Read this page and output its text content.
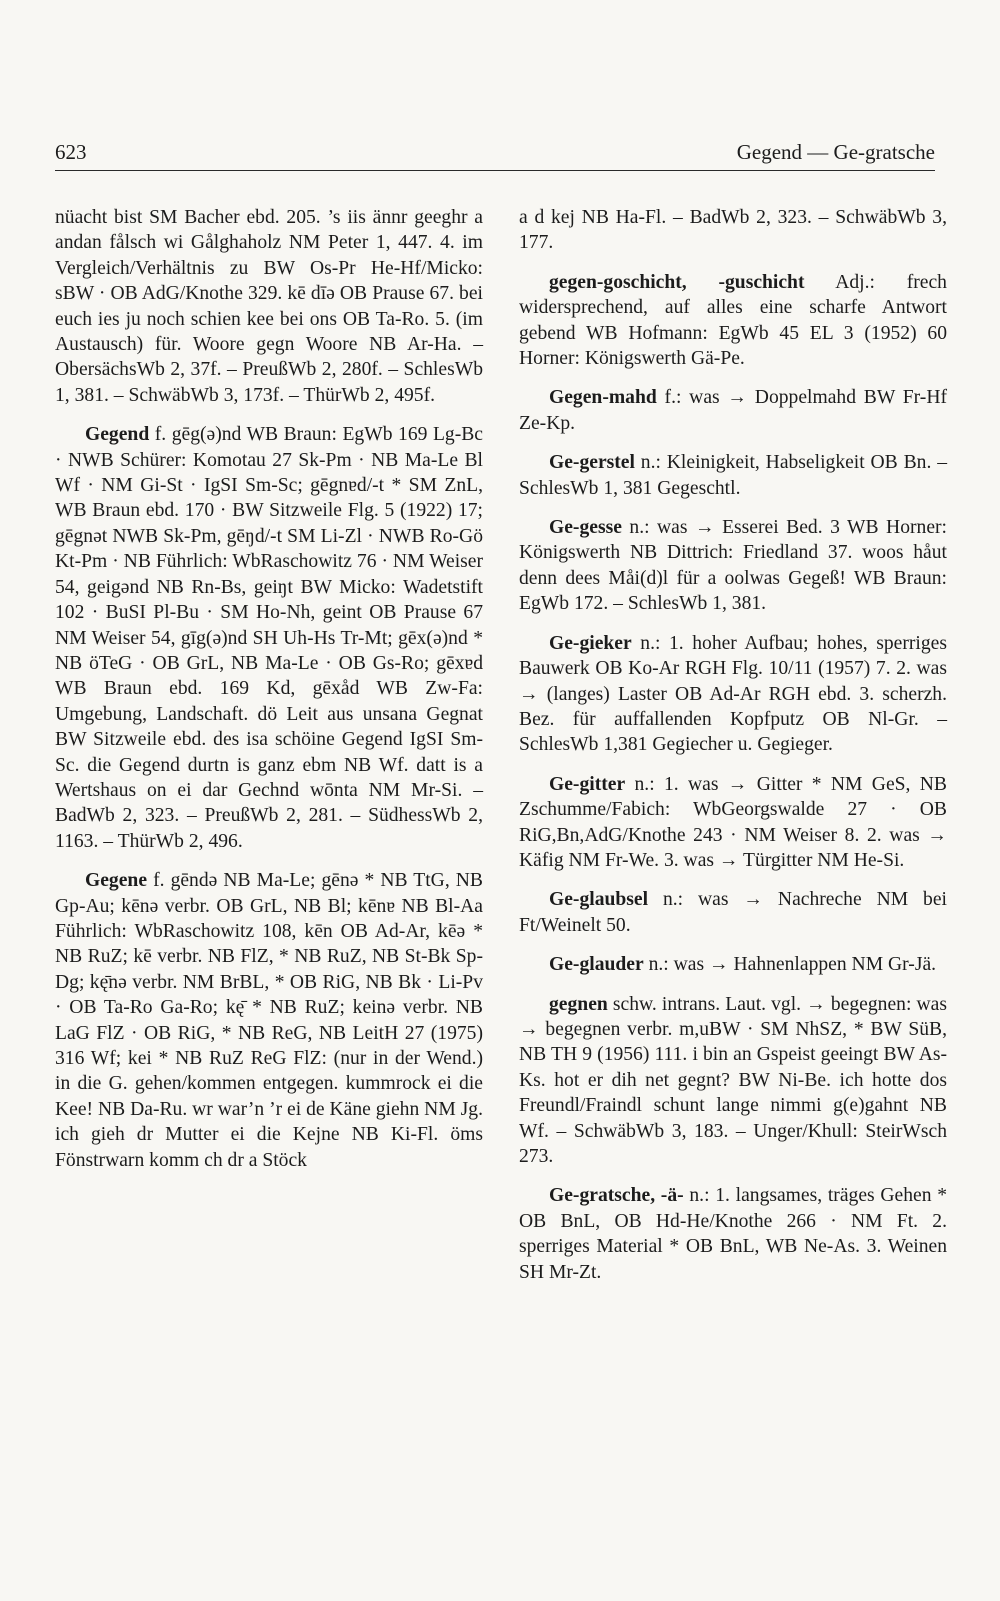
623	Gegend — Ge-gratsche

nüacht bist SM Bacher ebd. 205. ’s iis ännr geeghr a andan fålsch wi Gålghaholz NM Peter 1, 447. 4. im Vergleich/Verhältnis zu BW Os-Pr He-Hf/Micko: sBW · OB AdG/Knothe 329. kē dīə OB Prause 67. bei euch ies ju noch schien kee bei ons OB Ta-Ro. 5. (im Austausch) für. Woore gegn Woore NB Ar-Ha. – ObersächsWb 2, 37f. – PreußWb 2, 280f. – SchlesWb 1, 381. – SchwäbWb 3, 173f. – ThürWb 2, 495f.

Gegend f. gēg(ə)nd WB Braun: EgWb 169 Lg-Bc · NWB Schürer: Komotau 27 Sk-Pm · NB Ma-Le Bl Wf · NM Gi-St · IgSI Sm-Sc; gēgnɐd/-t * SM ZnL, WB Braun ebd. 170 · BW Sitzweile Flg. 5 (1922) 17; gēgnət NWB Sk-Pm, gēŋd/-t SM Li-Zl · NWB Ro-Gö Kt-Pm · NB Führlich: WbRaschowitz 76 · NM Weiser 54, geigənd NB Rn-Bs, geiŋt BW Micko: Wadetstift 102 · BuSI Pl-Bu · SM Ho-Nh, geint OB Prause 67 NM Weiser 54, gīg(ə)nd SH Uh-Hs Tr-Mt; gēx(ə)nd * NB öTeG · OB GrL, NB Ma-Le · OB Gs-Ro; gēxɐd WB Braun ebd. 169 Kd, gēxåd WB Zw-Fa: Umgebung, Landschaft. dö Leit aus unsana Gegnat BW Sitzweile ebd. des isa schöine Gegend IgSI Sm-Sc. die Gegend durtn is ganz ebm NB Wf. datt is a Wertshaus on ei dar Gechnd wōnta NM Mr-Si. – BadWb 2, 323. – PreußWb 2, 281. – SüdhessWb 2, 1163. – ThürWb 2, 496.

Gegene f. gēndə NB Ma-Le; gēnə * NB TtG, NB Gp-Au; kēnə verbr. OB GrL, NB Bl; kēnɐ NB Bl-Aa Führlich: WbRaschowitz 108, kēn OB Ad-Ar, kēə * NB RuZ; kē verbr. NB FlZ, * NB RuZ, NB St-Bk Sp-Dg; kę̄nə verbr. NM BrBL, * OB RiG, NB Bk · Li-Pv · OB Ta-Ro Ga-Ro; kę̄ * NB RuZ; keinə verbr. NB LaG FlZ · OB RiG, * NB ReG, NB LeitH 27 (1975) 316 Wf; kei * NB RuZ ReG FlZ: (nur in der Wend.) in die G. gehen/kommen entgegen. kummrock ei die Kee! NB Da-Ru. wr war’n ’r ei de Käne giehn NM Jg. ich gieh dr Mutter ei die Kejne NB Ki-Fl. öms Fönstrwarn komm ch dr a Stöck

a d kej NB Ha-Fl. – BadWb 2, 323. – SchwäbWb 3, 177.

gegen-goschicht, -guschicht Adj.: frech widersprechend, auf alles eine scharfe Antwort gebend WB Hofmann: EgWb 45 EL 3 (1952) 60 Horner: Königswerth Gä-Pe.

Gegen-mahd f.: was → Doppelmahd BW Fr-Hf Ze-Kp.

Ge-gerstel n.: Kleinigkeit, Habseligkeit OB Bn. – SchlesWb 1, 381 Gegeschtl.

Ge-gesse n.: was → Esserei Bed. 3 WB Horner: Königswerth NB Dittrich: Friedland 37. woos håut denn dees Måi(d)l für a oolwas Gegeß! WB Braun: EgWb 172. – SchlesWb 1, 381.

Ge-gieker n.: 1. hoher Aufbau; hohes, sperriges Bauwerk OB Ko-Ar RGH Flg. 10/11 (1957) 7. 2. was → (langes) Laster OB Ad-Ar RGH ebd. 3. scherzh. Bez. für auffallenden Kopfputz OB Nl-Gr. – SchlesWb 1,381 Gegiecher u. Gegieger.

Ge-gitter n.: 1. was → Gitter * NM GeS, NB Zschumme/Fabich: WbGeorgswalde 27 · OB RiG,Bn,AdG/Knothe 243 · NM Weiser 8. 2. was → Käfig NM Fr-We. 3. was → Türgitter NM He-Si.

Ge-glaubsel n.: was → Nachreche NM bei Ft/Weinelt 50.

Ge-glauder n.: was → Hahnenlappen NM Gr-Jä.

gegnen schw. intrans. Laut. vgl. → begegnen: was → begegnen verbr. m,uBW · SM NhSZ, * BW SüB, NB TH 9 (1956) 111. i bin an Gspeist geeingt BW As-Ks. hot er dih net gegnt? BW Ni-Be. ich hotte dos Freundl/Fraindl schunt lange nimmi g(e)gahnt NB Wf. – SchwäbWb 3, 183. – Unger/Khull: SteirWsch 273.

Ge-gratsche, -ä- n.: 1. langsames, träges Gehen * OB BnL, OB Hd-He/Knothe 266 · NM Ft. 2. sperriges Material * OB BnL, WB Ne-As. 3. Weinen SH Mr-Zt.
